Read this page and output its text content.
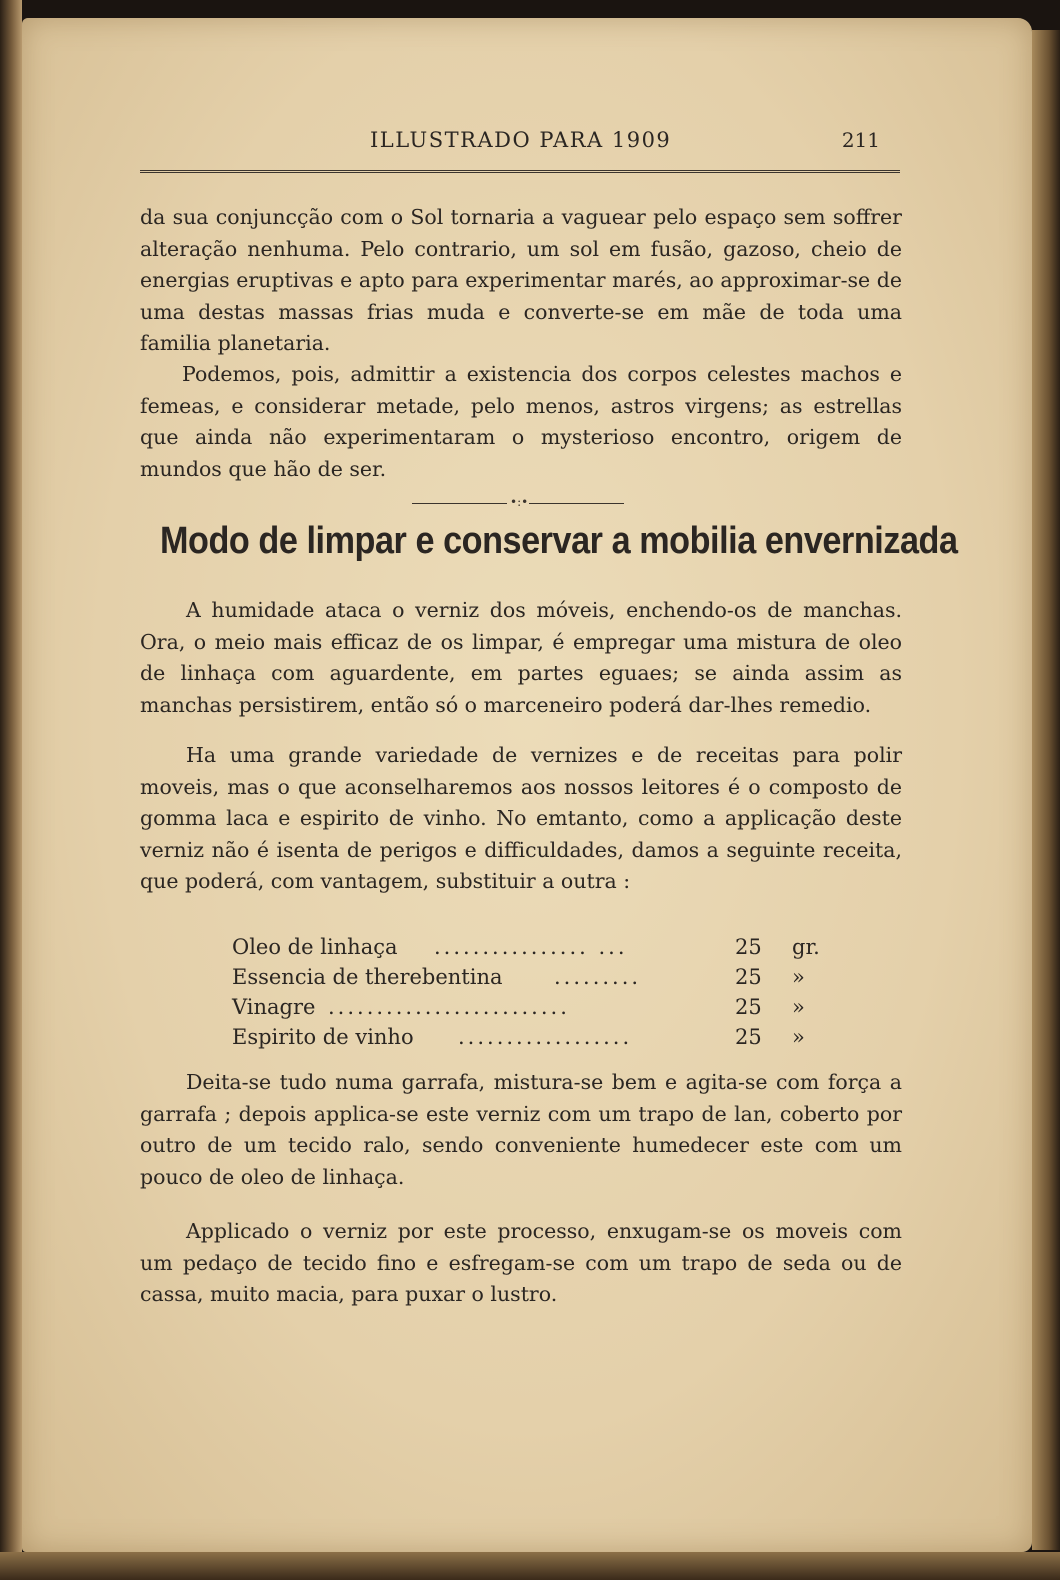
ILLUSTRADO PARA 1909	211

da sua conjuncção com o Sol tornaria a vaguear pelo espaço sem soffrer alteração nenhuma. Pelo contrario, um sol em fusão, gazoso, cheio de energias eruptivas e apto para experimentar marés, ao approximar-se de uma destas massas frias muda e converte-se em mãe de toda uma familia planetaria.

Podemos, pois, admittir a existencia dos corpos celestes machos e femeas, e considerar metade, pelo menos, astros virgens; as estrellas que ainda não experimentaram o mysterioso encontro, origem de mundos que hão de ser.

•:•
Modo de limpar e conservar a mobilia envernizada

A humidade ataca o verniz dos móveis, enchendo-os de manchas. Ora, o meio mais efficaz de os limpar, é empregar uma mistura de oleo de linhaça com aguardente, em partes eguaes; se ainda assim as manchas persistirem, então só o marceneiro poderá dar-lhes remedio.

Ha uma grande variedade de vernizes e de receitas para polir moveis, mas o que aconselharemos aos nossos leitores é o composto de gomma laca e espirito de vinho. No emtanto, como a applicação deste verniz não é isenta de perigos e difficuldades, damos a seguinte receita, que poderá, com vantagem, substituir a outra :

Oleo de linhaça ................ ...	25 gr.
Essencia de therebentina .........	25 »
Vinagre .........................	25 »
Espirito de vinho ..................	25 »

Deita-se tudo numa garrafa, mistura-se bem e agita-se com força a garrafa ; depois applica-se este verniz com um trapo de lan, coberto por outro de um tecido ralo, sendo conveniente humedecer este com um pouco de oleo de linhaça.

Applicado o verniz por este processo, enxugam-se os moveis com um pedaço de tecido fino e esfregam-se com um trapo de seda ou de cassa, muito macia, para puxar o lustro.
